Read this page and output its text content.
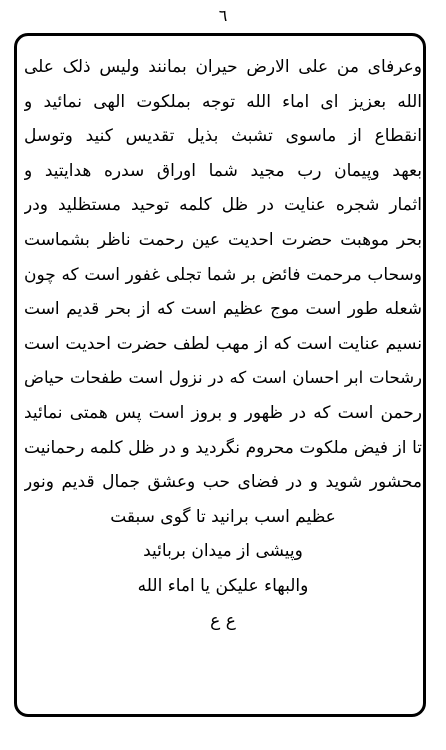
٦
وعرفای من علی الارض حیران بمانند ولیس ذلک علی
الله بعزیز ای اماء الله توجه بملکوت الهی نمائید و
انقطاع از ماسوی تشبث بذیل تقدیس کنید وتوسل
بعهد وپیمان رب مجید شما اوراق سدره هدایتید و
اثمار شجره عنایت در ظل کلمه توحید مستظلید ودر
بحر موهبت حضرت احدیت عین رحمت ناظر بشماست
وسحاب مرحمت فائض بر شما تجلی غفور است که چون
شعله طور است موج عظیم است که از بحر قدیم است
نسیم عنایت است که از مهب لطف حضرت احدیت است
رشحات ابر احسان است که در نزول است طفحات حیاض
رحمن است که در ظهور و بروز است پس همتی نمائید
تا از فیض ملکوت محروم نگردید و در ظل کلمه رحمانیت
محشور شوید و در فضای حب وعشق جمال قدیم ونور
عظیم اسب برانید تا گوی سبقت
وپیشی از میدان بربائید
والبهاء علیکن یا اماء الله
ع ع
